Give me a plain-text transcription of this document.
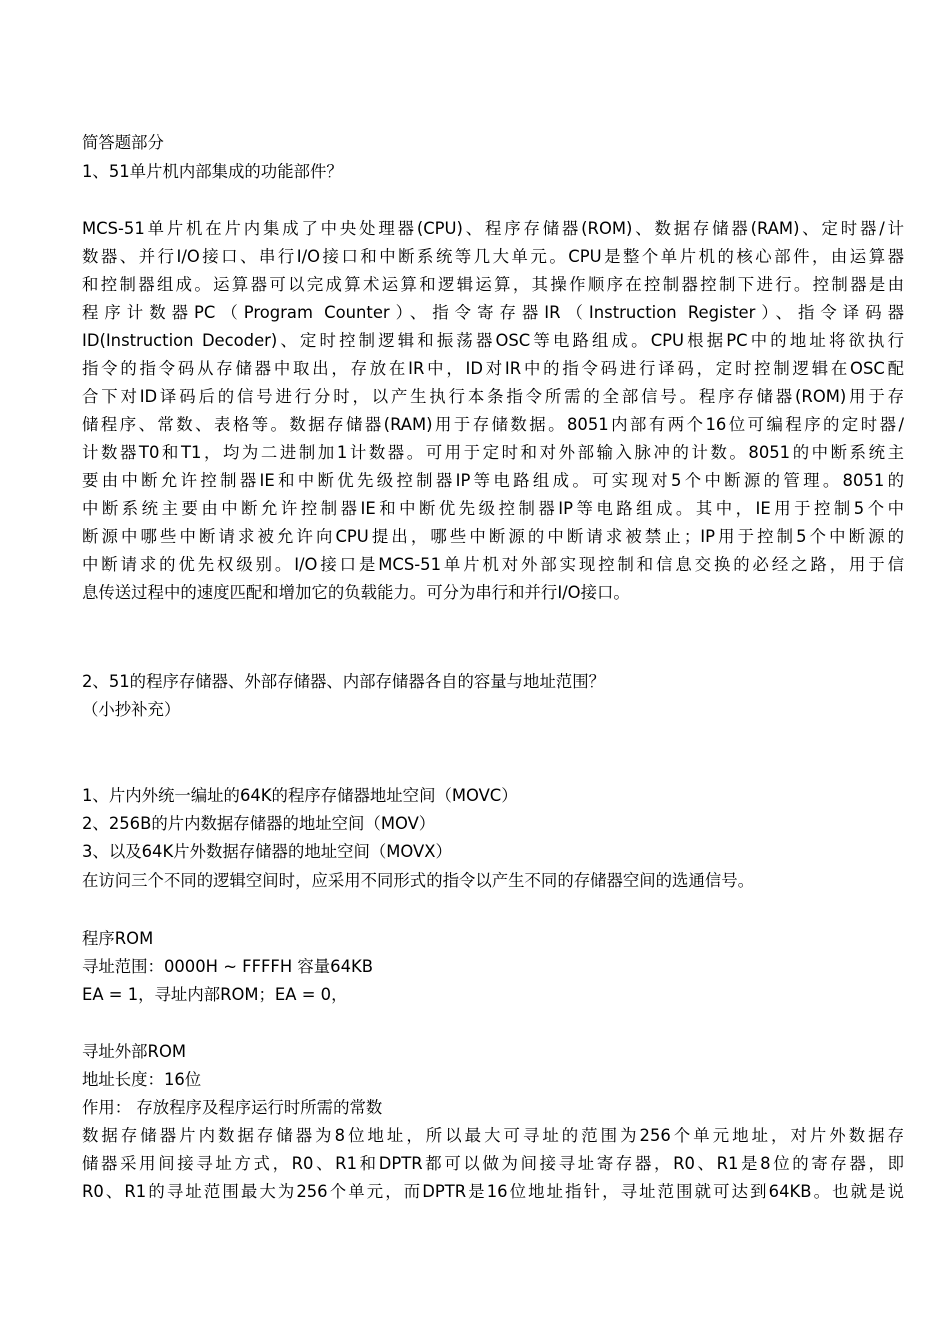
简答题部分
1、51单片机内部集成的功能部件？
MCS-51单片机在片内集成了中央处理器(CPU)、程序存储器(ROM)、数据存储器(RAM)、定时器/计
数器、并行I/O接口、串行I/O接口和中断系统等几大单元。CPU是整个单片机的核心部件，由运算器
和控制器组成。运算器可以完成算术运算和逻辑运算，其操作顺序在控制器控制下进行。控制器是由
程序计数器PC（Program Counter）、指令寄存器IR（Instruction Register）、指令译码器
ID(Instruction Decoder)、定时控制逻辑和振荡器OSC等电路组成。CPU根据PC中的地址将欲执行
指令的指令码从存储器中取出，存放在IR中，ID对IR中的指令码进行译码，定时控制逻辑在OSC配
合下对ID译码后的信号进行分时，以产生执行本条指令所需的全部信号。程序存储器(ROM)用于存
储程序、常数、表格等。数据存储器(RAM)用于存储数据。8051内部有两个16位可编程序的定时器/
计数器T0和T1，均为二进制加1计数器。可用于定时和对外部输入脉冲的计数。8051的中断系统主
要由中断允许控制器IE和中断优先级控制器IP等电路组成。可实现对5个中断源的管理。8051的
中断系统主要由中断允许控制器IE和中断优先级控制器IP等电路组成。其中，IE用于控制5个中
断源中哪些中断请求被允许向CPU提出，哪些中断源的中断请求被禁止；IP用于控制5个中断源的
中断请求的优先权级别。I/O接口是MCS-51单片机对外部实现控制和信息交换的必经之路，用于信
息传送过程中的速度匹配和增加它的负载能力。可分为串行和并行I/O接口。
2、51的程序存储器、外部存储器、内部存储器各自的容量与地址范围？
（小抄补充）
1、片内外统一编址的64K的程序存储器地址空间（MOVC）
2、256B的片内数据存储器的地址空间（MOV）
3、以及64K片外数据存储器的地址空间（MOVX）
在访问三个不同的逻辑空间时，应采用不同形式的指令以产生不同的存储器空间的选通信号。
程序ROM
寻址范围：0000H ~ FFFFH 容量64KB
EA = 1，寻址内部ROM；EA = 0，
寻址外部ROM
地址长度：16位
作用： 存放程序及程序运行时所需的常数
数据存储器片内数据存储器为8位地址，所以最大可寻址的范围为256个单元地址，对片外数据存
储器采用间接寻址方式，R0、R1和DPTR都可以做为间接寻址寄存器，R0、R1是8位的寄存器，即
R0、R1的寻址范围最大为256个单元，而DPTR是16位地址指针，寻址范围就可达到64KB。也就是说
